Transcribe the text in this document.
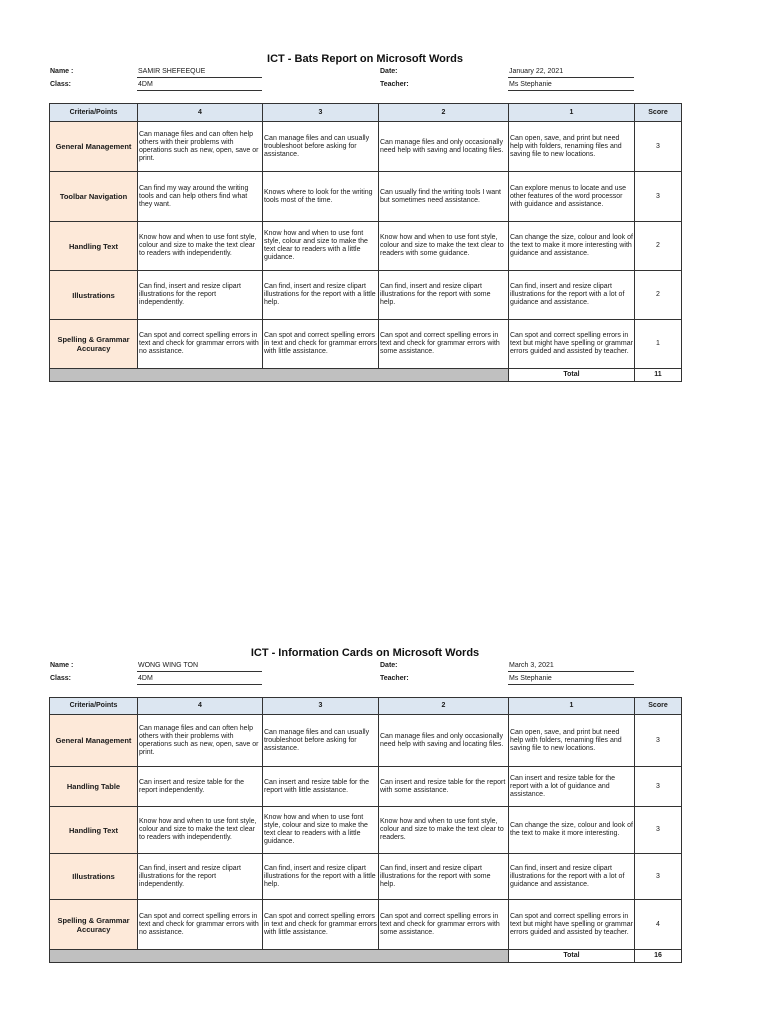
ICT - Bats Report on Microsoft Words
Name :	SAMIR SHEFEEQUE	Date:	January 22, 2021
Class:	4DM	Teacher:	Ms Stephanie
Criteria/Points	4	3	2	1	Score
General Management	Can manage files and can often help others with their problems with operations such as new, open, save or print.	Can manage files and can usually troubleshoot before asking for assistance.	Can manage files and only occasionally need help with saving and locating files.	Can open, save, and print but need help with folders, renaming files and saving file to new locations.	3
Toolbar Navigation	Can find my way around the writing tools and can help others find what they want.	Knows where to look for the writing tools most of the time.	Can usually find the writing tools I want but sometimes need assistance.	Can explore menus to locate and use other features of the word processor with guidance and assistance.	3
Handling Text	Know how and when to use font style, colour and size to make the text clear to readers with independently.	Know how and when to use font style, colour and size to make the text clear to readers with a little guidance.	Know how and when to use font style, colour and size to make the text clear to readers with some guidance.	Can change the size, colour and look of the text to make it more interesting with guidance and assistance.	2
Illustrations	Can find, insert and resize clipart illustrations for the report independently.	Can find, insert and resize clipart illustrations for the report with a little help.	Can find, insert and resize clipart illustrations for the report with some help.	Can find, insert and resize clipart illustrations for the report with a lot of guidance and assistance.	2
Spelling & Grammar Accuracy	Can spot and correct spelling errors in text and check for grammar errors with no assistance.	Can spot and correct spelling errors in text and check for grammar errors with little assistance.	Can spot and correct spelling errors in text and check for grammar errors with some assistance.	Can spot and correct spelling errors in text but might have spelling or grammar errors guided and assisted by teacher.	1
				Total	11
ICT - Information Cards on Microsoft Words
Name :	WONG WING TON	Date:	March 3, 2021
Class:	4DM	Teacher:	Ms Stephanie
Criteria/Points	4	3	2	1	Score
General Management	Can manage files and can often help others with their problems with operations such as new, open, save or print.	Can manage files and can usually troubleshoot before asking for assistance.	Can manage files and only occasionally need help with saving and locating files.	Can open, save, and print but need help with folders, renaming files and saving file to new locations.	3
Handling Table	Can insert and resize table for the report independently.	Can insert and resize table for the report with little assistance.	Can insert and resize table for the report with some assistance.	Can insert and resize table for the report with a lot of guidance and assistance.	3
Handling Text	Know how and when to use font style, colour and size to make the text clear to readers with independently.	Know how and when to use font style, colour and size to make the text clear to readers with a little guidance.	Know how and when to use font style, colour and size to make the text clear to readers.	Can change the size, colour and look of the text to make it more interesting.	3
Illustrations	Can find, insert and resize clipart illustrations for the report independently.	Can find, insert and resize clipart illustrations for the report with a little help.	Can find, insert and resize clipart illustrations for the report with some help.	Can find, insert and resize clipart illustrations for the report with a lot of guidance and assistance.	3
Spelling & Grammar Accuracy	Can spot and correct spelling errors in text and check for grammar errors with no assistance.	Can spot and correct spelling errors in text and check for grammar errors with little assistance.	Can spot and correct spelling errors in text and check for grammar errors with some assistance.	Can spot and correct spelling errors in text but might have spelling or grammar errors guided and assisted by teacher.	4
				Total	16
